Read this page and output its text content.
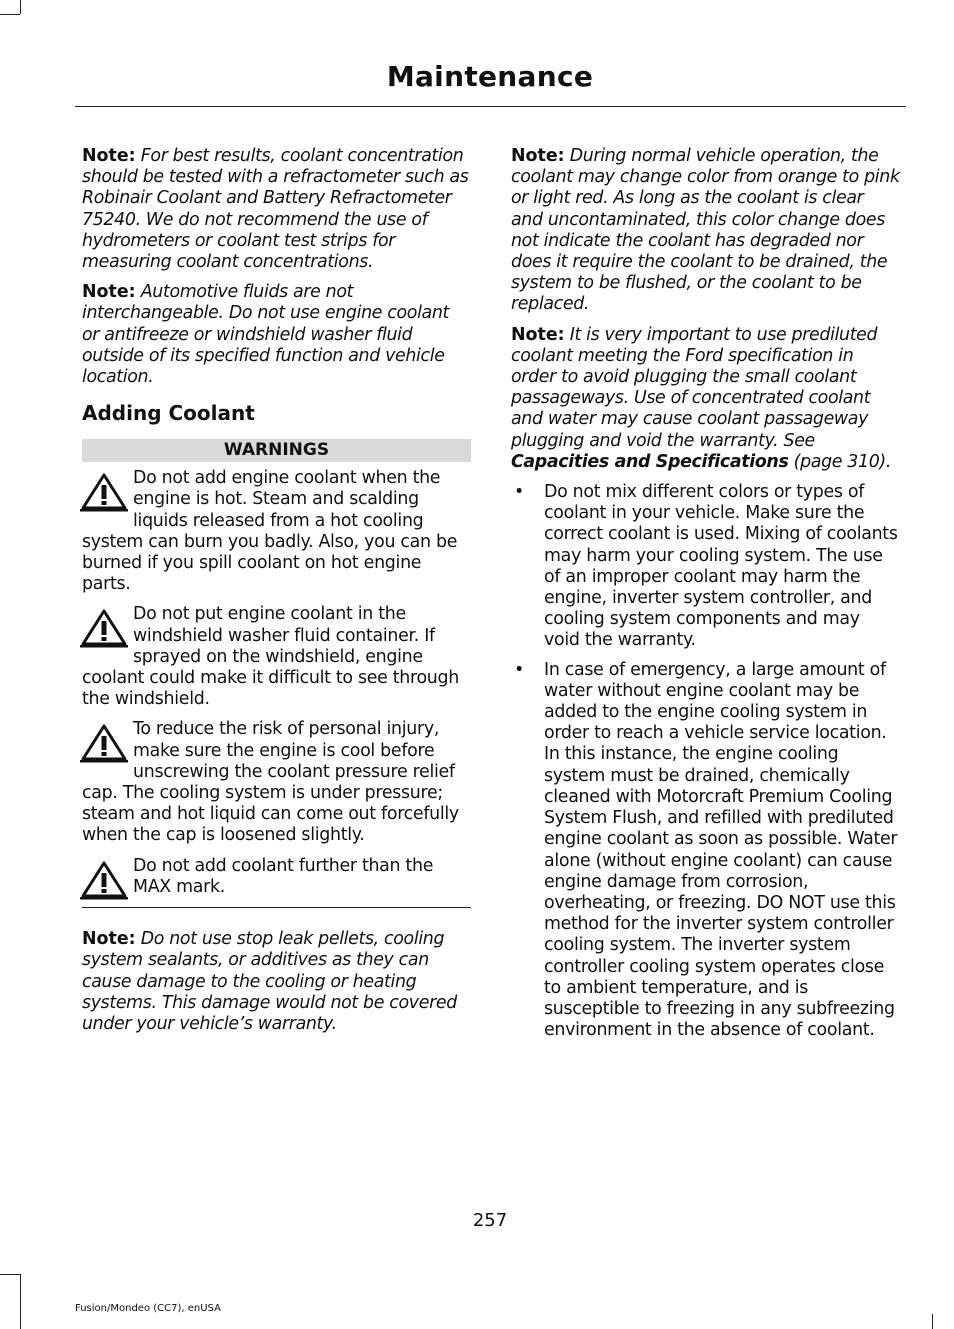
Maintenance

Note: For best results, coolant concentration should be tested with a refractometer such as Robinair Coolant and Battery Refractometer 75240. We do not recommend the use of hydrometers or coolant test strips for measuring coolant concentrations.

Note: Automotive fluids are not interchangeable. Do not use engine coolant or antifreeze or windshield washer fluid outside of its specified function and vehicle location.

Adding Coolant
WARNINGS
Do not add engine coolant when the engine is hot. Steam and scalding liquids released from a hot cooling system can burn you badly. Also, you can be burned if you spill coolant on hot engine parts.
Do not put engine coolant in the windshield washer fluid container. If sprayed on the windshield, engine coolant could make it difficult to see through the windshield.
To reduce the risk of personal injury, make sure the engine is cool before unscrewing the coolant pressure relief cap. The cooling system is under pressure; steam and hot liquid can come out forcefully when the cap is loosened slightly.
Do not add coolant further than the MAX mark.

Note: Do not use stop leak pellets, cooling system sealants, or additives as they can cause damage to the cooling or heating systems. This damage would not be covered under your vehicle’s warranty.

Note: During normal vehicle operation, the coolant may change color from orange to pink or light red. As long as the coolant is clear and uncontaminated, this color change does not indicate the coolant has degraded nor does it require the coolant to be drained, the system to be flushed, or the coolant to be replaced.

Note: It is very important to use prediluted coolant meeting the Ford specification in order to avoid plugging the small coolant passageways. Use of concentrated coolant and water may cause coolant passageway plugging and void the warranty. See Capacities and Specifications (page 310).

• Do not mix different colors or types of coolant in your vehicle. Make sure the correct coolant is used. Mixing of coolants may harm your cooling system. The use of an improper coolant may harm the engine, inverter system controller, and cooling system components and may void the warranty.
• In case of emergency, a large amount of water without engine coolant may be added to the engine cooling system in order to reach a vehicle service location. In this instance, the engine cooling system must be drained, chemically cleaned with Motorcraft Premium Cooling System Flush, and refilled with prediluted engine coolant as soon as possible. Water alone (without engine coolant) can cause engine damage from corrosion, overheating, or freezing. DO NOT use this method for the inverter system controller cooling system. The inverter system controller cooling system operates close to ambient temperature, and is susceptible to freezing in any subfreezing environment in the absence of coolant.
257
Fusion/Mondeo (CC7), enUSA
